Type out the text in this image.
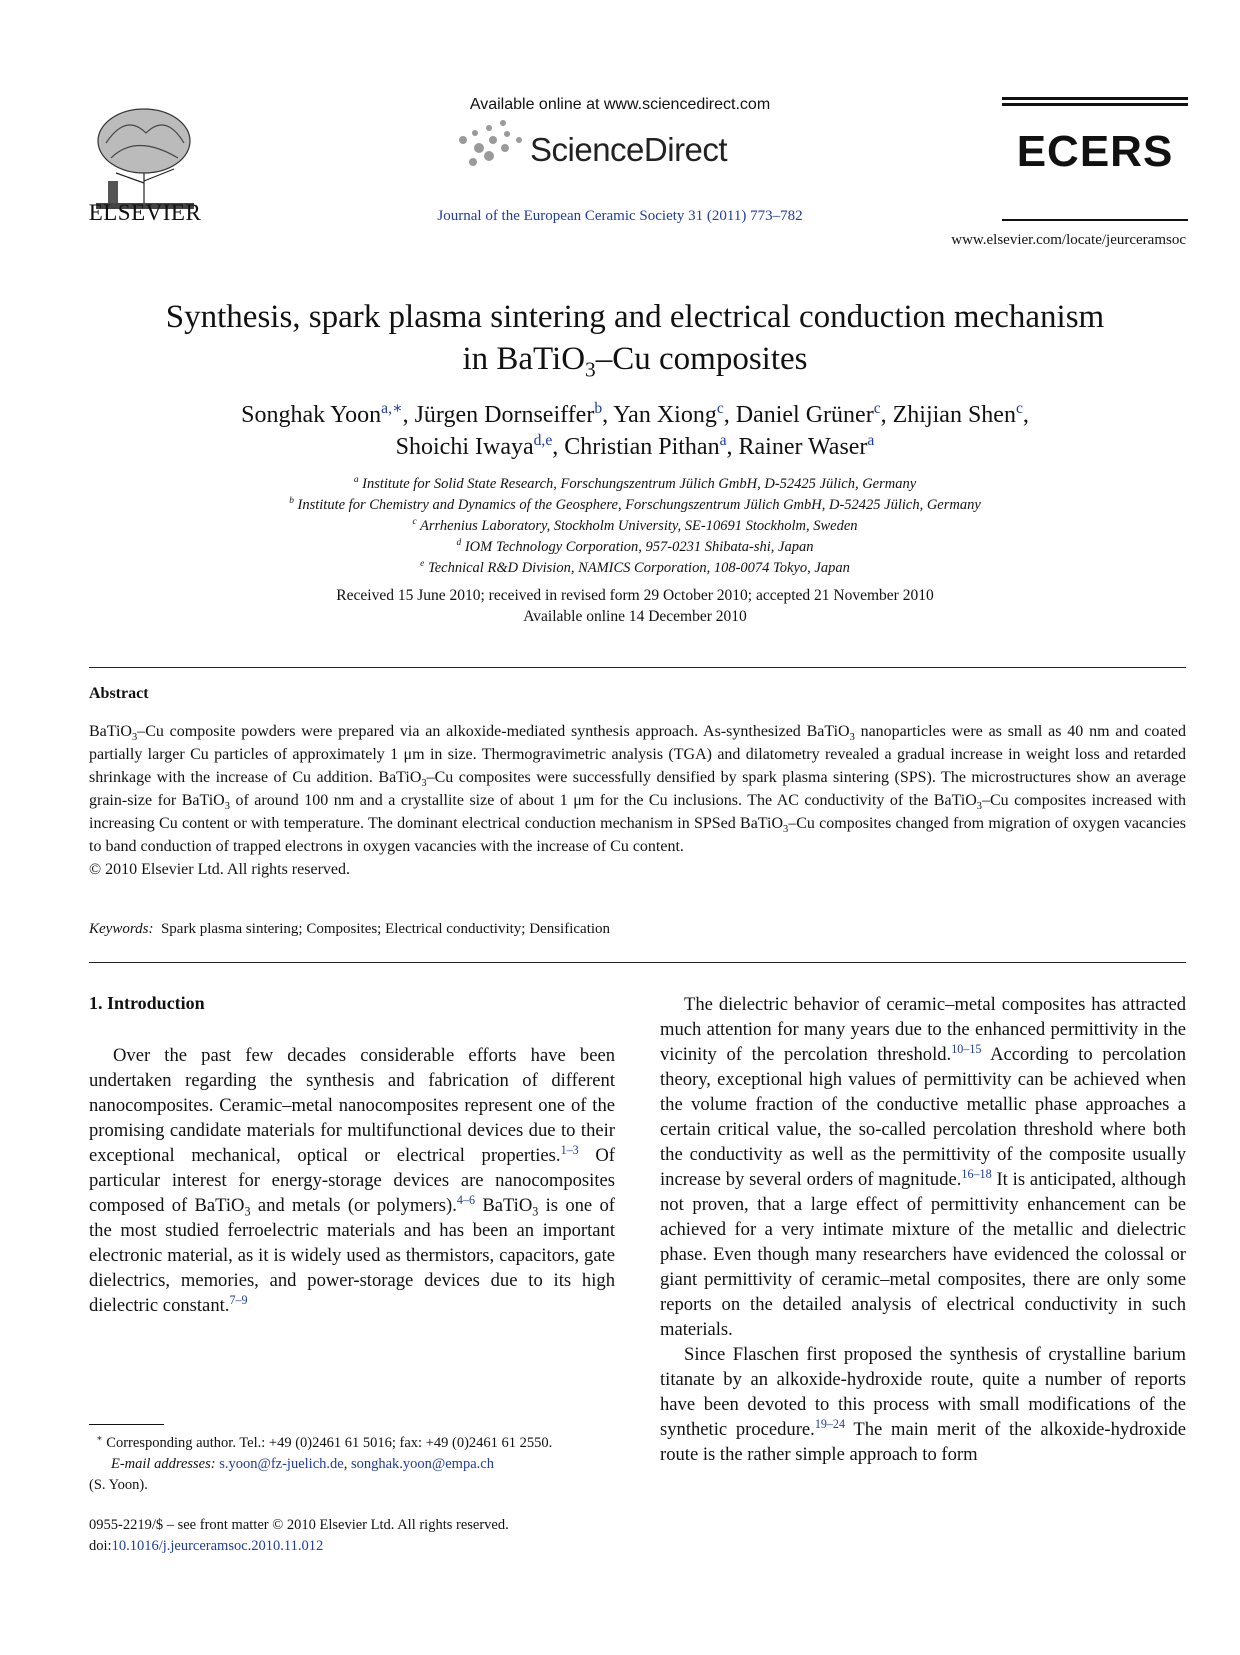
ELSEVIER
Available online at www.sciencedirect.com
ScienceDirect
Journal of the European Ceramic Society 31 (2011) 773–782
ECERS
www.elsevier.com/locate/jeurceramsoc
Synthesis, spark plasma sintering and electrical conduction mechanism
in BaTiO$_3$–Cu composites
Songhak Yoon$^{a,∗}$, Jürgen Dornseiffer$^b$, Yan Xiong$^c$, Daniel Grüner$^c$, Zhijian Shen$^c$,
Shoichi Iwaya$^{d,e}$, Christian Pithan$^a$, Rainer Waser$^a$
$^a$ Institute for Solid State Research, Forschungszentrum Jülich GmbH, D-52425 Jülich, Germany
$^b$ Institute for Chemistry and Dynamics of the Geosphere, Forschungszentrum Jülich GmbH, D-52425 Jülich, Germany
$^c$ Arrhenius Laboratory, Stockholm University, SE-10691 Stockholm, Sweden
$^d$ IOM Technology Corporation, 957-0231 Shibata-shi, Japan
$^e$ Technical R&D Division, NAMICS Corporation, 108-0074 Tokyo, Japan
Received 15 June 2010; received in revised form 29 October 2010; accepted 21 November 2010
Available online 14 December 2010
Abstract
BaTiO$_3$–Cu composite powders were prepared via an alkoxide-mediated synthesis approach. As-synthesized BaTiO$_3$ nanoparticles were as small as 40 nm and coated partially larger Cu particles of approximately 1 μm in size. Thermogravimetric analysis (TGA) and dilatometry revealed a gradual increase in weight loss and retarded shrinkage with the increase of Cu addition. BaTiO$_3$–Cu composites were successfully densified by spark plasma sintering (SPS). The microstructures show an average grain-size for BaTiO$_3$ of around 100 nm and a crystallite size of about 1 μm for the Cu inclusions. The AC conductivity of the BaTiO$_3$–Cu composites increased with increasing Cu content or with temperature. The dominant electrical conduction mechanism in SPSed BaTiO$_3$–Cu composites changed from migration of oxygen vacancies to band conduction of trapped electrons in oxygen vacancies with the increase of Cu content.
© 2010 Elsevier Ltd. All rights reserved.
Keywords: Spark plasma sintering; Composites; Electrical conductivity; Densification
1. Introduction

Over the past few decades considerable efforts have been undertaken regarding the synthesis and fabrication of different nanocomposites. Ceramic–metal nanocomposites represent one of the promising candidate materials for multifunctional devices due to their exceptional mechanical, optical or electrical properties.$^{1-3}$ Of particular interest for energy-storage devices are nanocomposites composed of BaTiO$_3$ and metals (or polymers).$^{4-6}$ BaTiO$_3$ is one of the most studied ferroelectric materials and has been an important electronic material, as it is widely used as thermistors, capacitors, gate dielectrics, memories, and power-storage devices due to its high dielectric constant.$^{7-9}$

The dielectric behavior of ceramic–metal composites has attracted much attention for many years due to the enhanced permittivity in the vicinity of the percolation threshold.$^{10-15}$ According to percolation theory, exceptional high values of permittivity can be achieved when the volume fraction of the conductive metallic phase approaches a certain critical value, the so-called percolation threshold where both the conductivity as well as the permittivity of the composite usually increase by several orders of magnitude.$^{16-18}$ It is anticipated, although not proven, that a large effect of permittivity enhancement can be achieved for a very intimate mixture of the metallic and dielectric phase. Even though many researchers have evidenced the colossal or giant permittivity of ceramic–metal composites, there are only some reports on the detailed analysis of electrical conductivity in such materials.

Since Flaschen first proposed the synthesis of crystalline barium titanate by an alkoxide-hydroxide route, quite a number of reports have been devoted to this process with small modifications of the synthetic procedure.$^{19-24}$ The main merit of the alkoxide-hydroxide route is the rather simple approach to form

∗ Corresponding author. Tel.: +49 (0)2461 61 5016; fax: +49 (0)2461 61 2550.
E-mail addresses: s.yoon@fz-juelich.de, songhak.yoon@empa.ch
(S. Yoon).
0955-2219/$ – see front matter © 2010 Elsevier Ltd. All rights reserved.
doi:10.1016/j.jeurceramsoc.2010.11.012
